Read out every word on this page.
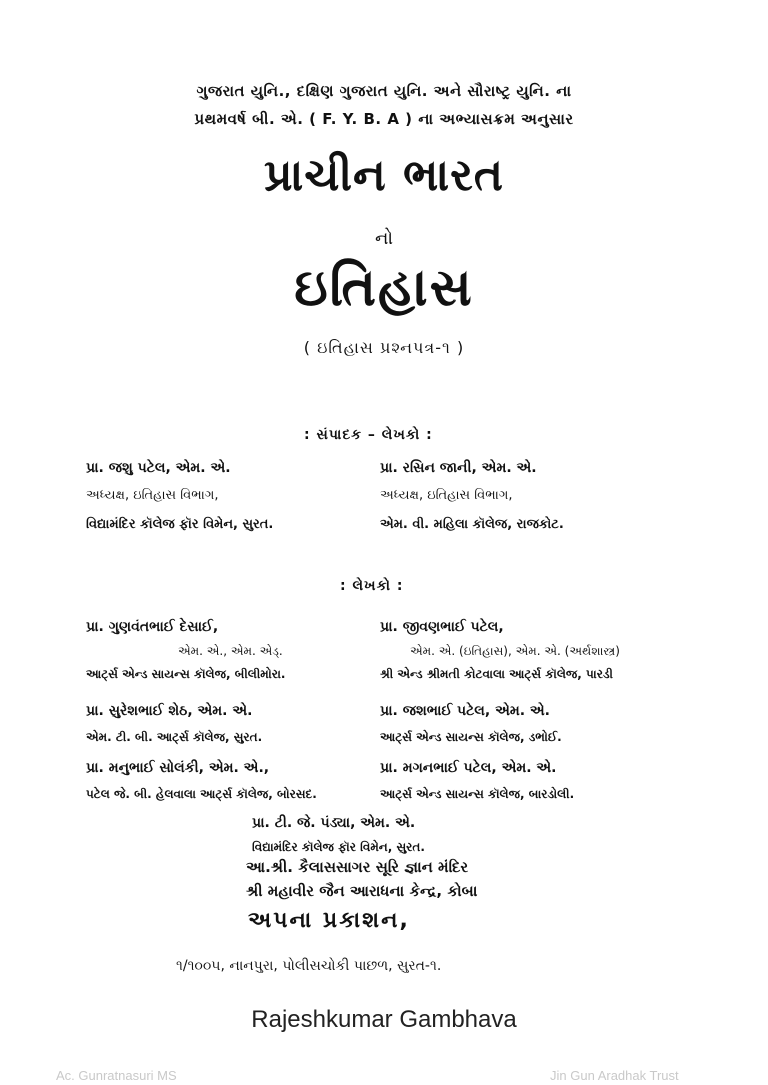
ગુજરાત યુનિ., દક્ષિણ ગુજરાત યુનિ. અને સૌરાષ્ટ્ર યુનિ. ના
પ્રથમવર્ષ બી. એ. ( F. Y. B. A ) ના અભ્યાસક્રમ અનુસાર
પ્રાચીન ભારત
નો
ઇતિહાસ
( ઇતિહાસ પ્રશ્નપત્ર-૧ )
: સંપાદક – લેખકો :
પ્રા. જશુ પટેલ, એમ. એ.
અધ્યક્ષ, ઇતિહાસ વિભાગ,
વિદ્યામંદિર કૉલેજ ફૉર વિમેન, સુરત.
પ્રા. રસિન જાની, એમ. એ.
અધ્યક્ષ, ઇતિહાસ વિભાગ,
એમ. વી. મહિલા કૉલેજ, રાજકોટ.
: લેખકો :
પ્રા. ગુણવંતભાઈ દેસાઈ,
એમ. એ., એમ. એડ્.
આર્ટ્સ એન્ડ સાયન્સ કૉલેજ, બીલીમોરા.
પ્રા. જીવણભાઈ પટેલ,
એમ. એ. (ઇતિહાસ), એમ. એ. (અર્થશાસ્ત્ર)
શ્રી એન્ડ શ્રીમતી કોટવાલા આર્ટ્સ કૉલેજ, પારડી
પ્રા. સુરેશભાઈ શેઠ, એમ. એ.
એમ. ટી. બી. આર્ટ્સ કૉલેજ, સુરત.
પ્રા. જશભાઈ પટેલ, એમ. એ.
આર્ટ્સ એન્ડ સાયન્સ કૉલેજ, ડભોઈ.
પ્રા. મનુભાઈ સોલંકી, એમ. એ.,
પટેલ જે. બી. હેલવાલા આર્ટ્સ કૉલેજ, બોરસદ.
પ્રા. મગનભાઈ પટેલ, એમ. એ.
આર્ટ્સ એન્ડ સાયન્સ કૉલેજ, બારડોલી.
પ્રા. ટી. જે. પંડ્યા, એમ. એ.
વિદ્યામંદિર કૉલેજ ફૉર વિમેન, સુરત.
આ.શ્રી. કૈલાસસાગર સૂરિ જ્ઞાન મંદિર
શ્રી મહાવીર જૈન આરાધના કેન્દ્ર, કોબા
અપના પ્રકાશન,
૧/૧૦૦૫, નાનપુરા, પોલીસચોકી પાછળ, સુરત-૧.
Rajeshkumar Gambhava
Ac. Gunratnasuri MS	Jin Gun Aradhak Trust
